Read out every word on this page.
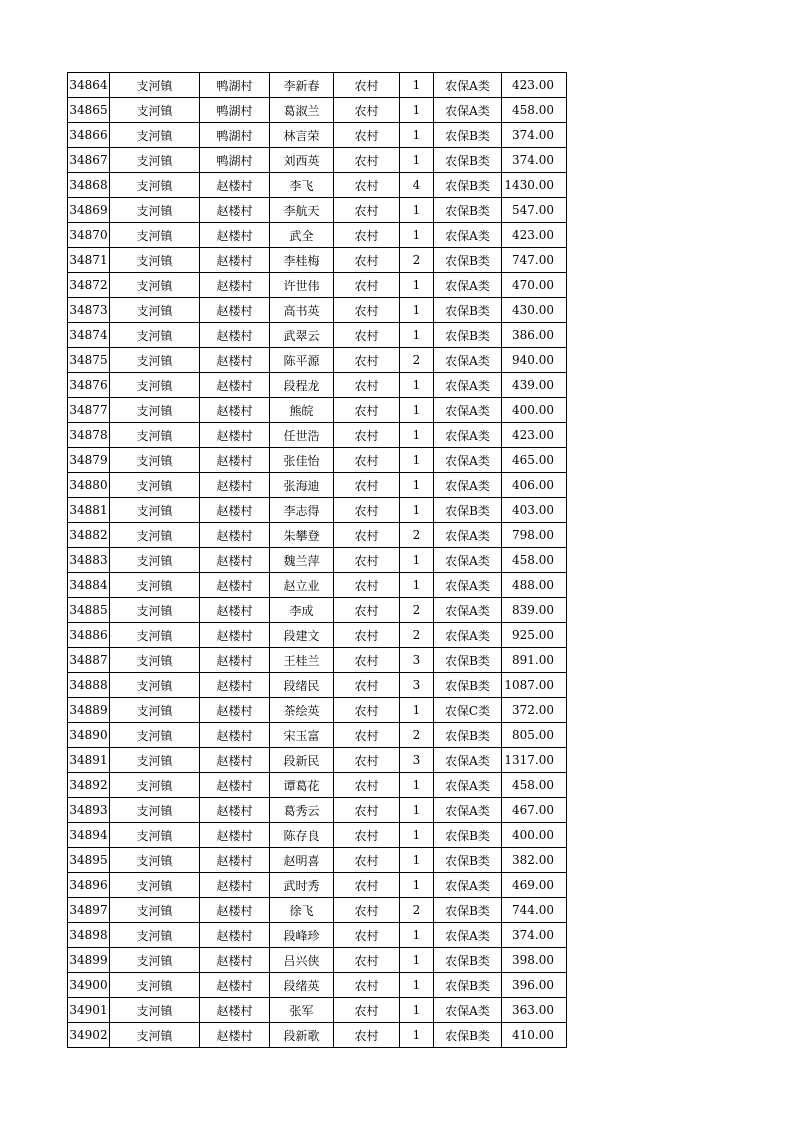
34864	支河镇	鸭湖村	李新春	农村	1	农保A类	423.00
34865	支河镇	鸭湖村	葛淑兰	农村	1	农保A类	458.00
34866	支河镇	鸭湖村	林言荣	农村	1	农保B类	374.00
34867	支河镇	鸭湖村	刘西英	农村	1	农保B类	374.00
34868	支河镇	赵楼村	李飞	农村	4	农保B类	1430.00
34869	支河镇	赵楼村	李航天	农村	1	农保B类	547.00
34870	支河镇	赵楼村	武全	农村	1	农保A类	423.00
34871	支河镇	赵楼村	李桂梅	农村	2	农保B类	747.00
34872	支河镇	赵楼村	许世伟	农村	1	农保A类	470.00
34873	支河镇	赵楼村	高书英	农村	1	农保B类	430.00
34874	支河镇	赵楼村	武翠云	农村	1	农保B类	386.00
34875	支河镇	赵楼村	陈平源	农村	2	农保A类	940.00
34876	支河镇	赵楼村	段程龙	农村	1	农保A类	439.00
34877	支河镇	赵楼村	熊皖	农村	1	农保A类	400.00
34878	支河镇	赵楼村	任世浩	农村	1	农保A类	423.00
34879	支河镇	赵楼村	张佳怡	农村	1	农保A类	465.00
34880	支河镇	赵楼村	张海迪	农村	1	农保A类	406.00
34881	支河镇	赵楼村	李志得	农村	1	农保B类	403.00
34882	支河镇	赵楼村	朱攀登	农村	2	农保A类	798.00
34883	支河镇	赵楼村	魏兰萍	农村	1	农保A类	458.00
34884	支河镇	赵楼村	赵立业	农村	1	农保A类	488.00
34885	支河镇	赵楼村	李成	农村	2	农保A类	839.00
34886	支河镇	赵楼村	段建文	农村	2	农保A类	925.00
34887	支河镇	赵楼村	王桂兰	农村	3	农保B类	891.00
34888	支河镇	赵楼村	段绪民	农村	3	农保B类	1087.00
34889	支河镇	赵楼村	茶绘英	农村	1	农保C类	372.00
34890	支河镇	赵楼村	宋玉富	农村	2	农保B类	805.00
34891	支河镇	赵楼村	段新民	农村	3	农保A类	1317.00
34892	支河镇	赵楼村	谭葛花	农村	1	农保A类	458.00
34893	支河镇	赵楼村	葛秀云	农村	1	农保A类	467.00
34894	支河镇	赵楼村	陈存良	农村	1	农保B类	400.00
34895	支河镇	赵楼村	赵明喜	农村	1	农保B类	382.00
34896	支河镇	赵楼村	武时秀	农村	1	农保A类	469.00
34897	支河镇	赵楼村	徐飞	农村	2	农保B类	744.00
34898	支河镇	赵楼村	段峰珍	农村	1	农保A类	374.00
34899	支河镇	赵楼村	吕兴侠	农村	1	农保B类	398.00
34900	支河镇	赵楼村	段绪英	农村	1	农保B类	396.00
34901	支河镇	赵楼村	张军	农村	1	农保A类	363.00
34902	支河镇	赵楼村	段新歌	农村	1	农保B类	410.00
